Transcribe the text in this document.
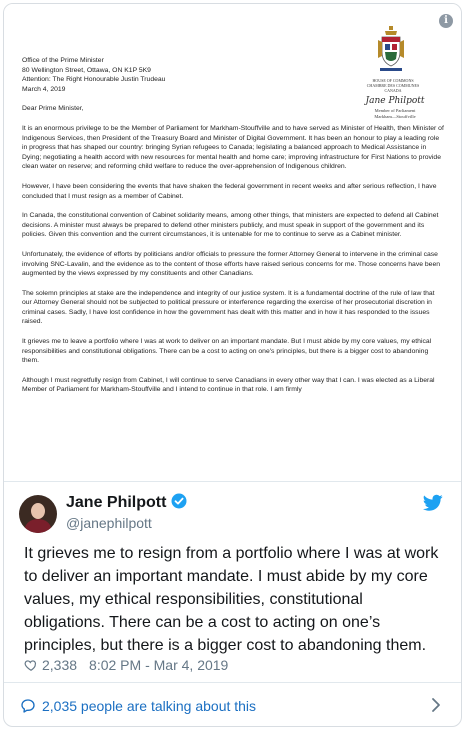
i
HOUSE OF COMMONS
CHAMBRE DES COMMUNES
CANADA
Jane Philpott
Member of Parliament
Markham—Stouffville
Office of the Prime Minister
80 Wellington Street, Ottawa, ON K1P 5K9
Attention: The Right Honourable Justin Trudeau
March 4, 2019

Dear Prime Minister,

It is an enormous privilege to be the Member of Parliament for Markham-Stouffville and to have served as Minister of Health, then Minister of Indigenous Services, then President of the Treasury Board and Minister of Digital Government. It has been an honour to play a leading role in progress that has shaped our country: bringing Syrian refugees to Canada; legislating a balanced approach to Medical Assistance in Dying; negotiating a health accord with new resources for mental health and home care; improving infrastructure for First Nations to provide clean water on reserve; and reforming child welfare to reduce the over-apprehension of Indigenous children.

However, I have been considering the events that have shaken the federal government in recent weeks and after serious reflection, I have concluded that I must resign as a member of Cabinet.

In Canada, the constitutional convention of Cabinet solidarity means, among other things, that ministers are expected to defend all Cabinet decisions. A minister must always be prepared to defend other ministers publicly, and must speak in support of the government and its policies. Given this convention and the current circumstances, it is untenable for me to continue to serve as a Cabinet minister.

Unfortunately, the evidence of efforts by politicians and/or officials to pressure the former Attorney General to intervene in the criminal case involving SNC-Lavalin, and the evidence as to the content of those efforts have raised serious concerns for me. Those concerns have been augmented by the views expressed by my constituents and other Canadians.

The solemn principles at stake are the independence and integrity of our justice system. It is a fundamental doctrine of the rule of law that our Attorney General should not be subjected to political pressure or interference regarding the exercise of her prosecutorial discretion in criminal cases. Sadly, I have lost confidence in how the government has dealt with this matter and in how it has responded to the issues raised.

It grieves me to leave a portfolio where I was at work to deliver on an important mandate. But I must abide by my core values, my ethical responsibilities and constitutional obligations. There can be a cost to acting on one's principles, but there is a bigger cost to abandoning them.

Although I must regretfully resign from Cabinet, I will continue to serve Canadians in every other way that I can. I was elected as a Liberal Member of Parliament for Markham-Stouffville and I intend to continue in that role. I am firmly

Jane Philpott
@janephilpott

It grieves me to resign from a portfolio where I was at work to deliver an important mandate. I must abide by my core values, my ethical responsibilities, constitutional obligations. There can be a cost to acting on one’s principles, but there is a bigger cost to abandoning them.

2,338 8:02 PM - Mar 4, 2019
2,035 people are talking about this
